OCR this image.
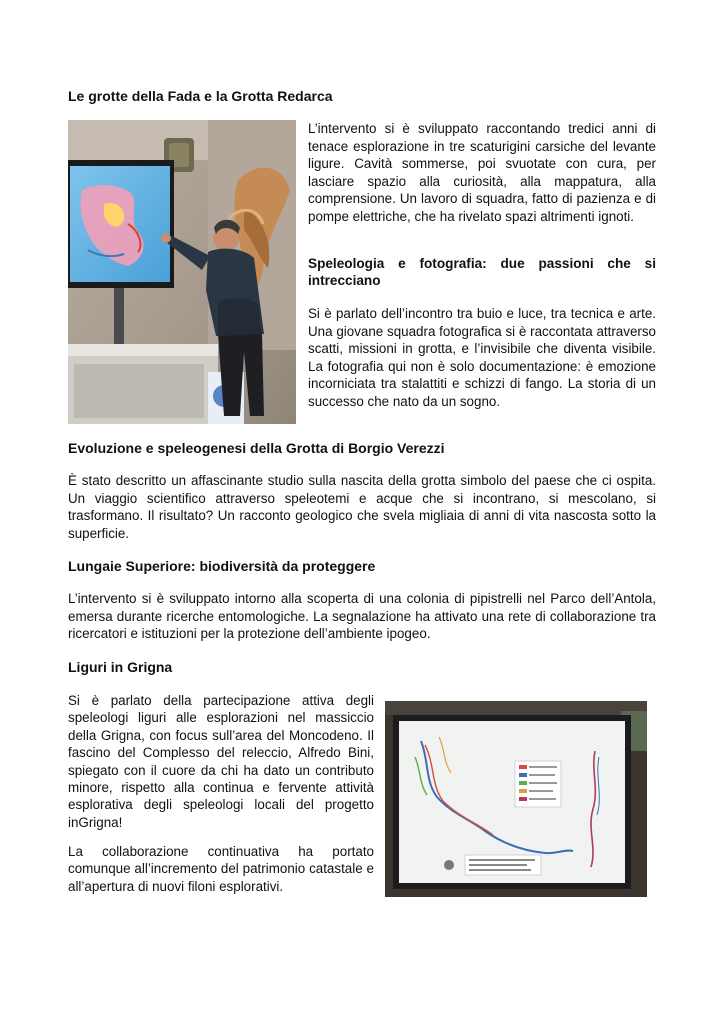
Le grotte della Fada e la Grotta Redarca

L’intervento si è sviluppato raccontando tredici anni di tenace esplorazione in tre scaturigini carsiche del levante ligure. Cavità sommerse, poi svuotate con cura, per lasciare spazio alla curiosità, alla mappatura, alla comprensione. Un lavoro di squadra, fatto di pazienza e di pompe elettriche, che ha rivelato spazi altrimenti ignoti.

Speleologia e fotografia: due passioni che si intrecciano

Si è parlato dell’incontro tra buio e luce, tra tecnica e arte. Una giovane squadra fotografica si è raccontata attraverso scatti, missioni in grotta, e l’invisibile che diventa visibile. La fotografia qui non è solo documentazione: è emozione incorniciata tra stalattiti e schizzi di fango. La storia di un successo che nato da un sogno.

Evoluzione e speleogenesi della Grotta di Borgio Verezzi

È stato descritto un affascinante studio sulla nascita della grotta simbolo del paese che ci ospita. Un viaggio scientifico attraverso speleotemi e acque che si incontrano, si mescolano, si trasformano. Il risultato? Un racconto geologico che svela migliaia di anni di vita nascosta sotto la superficie.

Lungaie Superiore: biodiversità da proteggere

L’intervento si è sviluppato intorno alla scoperta di una colonia di pipistrelli nel Parco dell’Antola, emersa durante ricerche entomologiche. La segnalazione ha attivato una rete di collaborazione tra ricercatori e istituzioni per la protezione dell’ambiente ipogeo.

Liguri in Grigna

Si è parlato della partecipazione attiva degli speleologi liguri alle esplorazioni nel massiccio della Grigna, con focus sull’area del Moncodeno. Il fascino del Complesso del releccio, Alfredo Bini, spiegato con il cuore da chi ha dato un contributo minore, rispetto alla continua e fervente attività esplorativa degli speleologi locali del progetto inGrigna!

La collaborazione continuativa ha portato comunque all’incremento del patrimonio catastale e all’apertura di nuovi filoni esplorativi.
